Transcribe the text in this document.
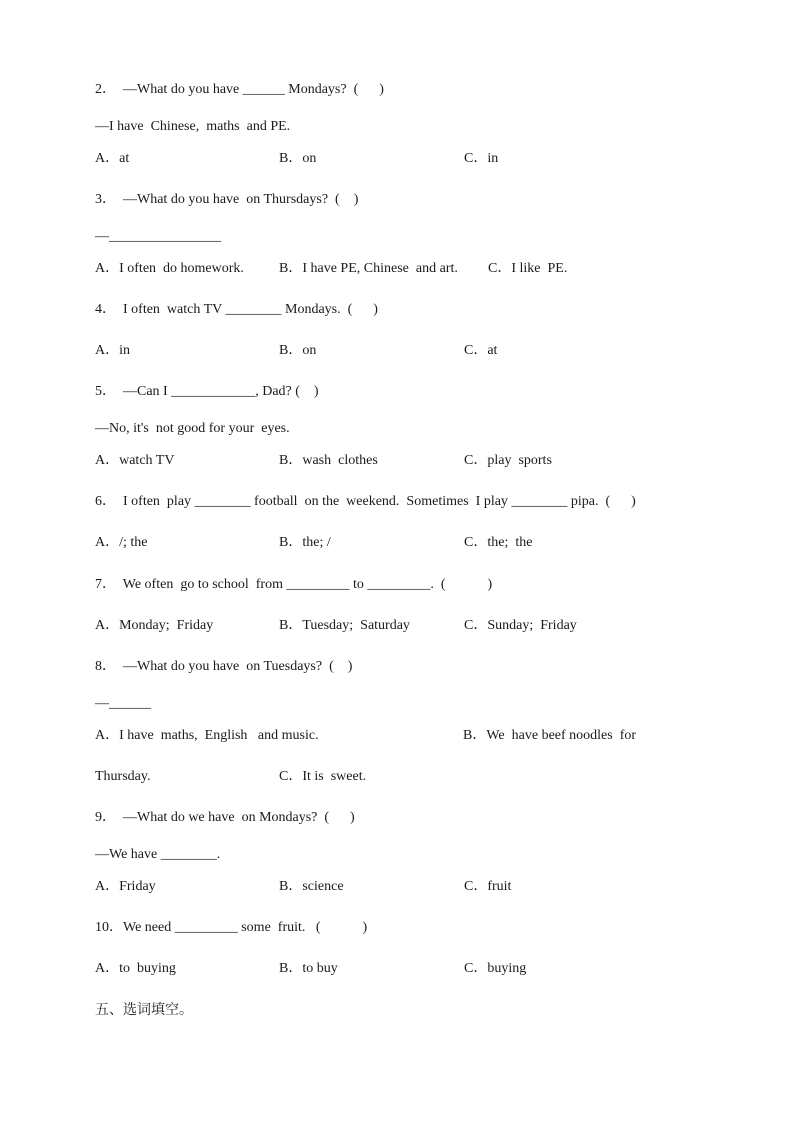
2．  —What do you have ______ Mondays?  (      )
—I have  Chinese,  maths  and PE.
A．at	B．on	C．in
3．  —What do you have  on Thursdays?  (    )
—________________
A．I often  do homework.	B．I have PE, Chinese  and art. C．I like  PE.
4．  I often  watch TV ________ Mondays.  (      )
A．in	B．on	C．at
5．  —Can I ____________, Dad? (    )
—No, it's  not good for your  eyes.
A．watch TV	B．wash  clothes	C．play  sports
6．  I often  play ________ football  on the  weekend.  Sometimes  I play ________ pipa.  (      )
A．/; the	B．the; /	C．the;  the
7．  We often  go to school  from _________ to _________.  (            )
A．Monday;  Friday	B．Tuesday;  Saturday	C．Sunday;  Friday
8．  —What do you have  on Tuesdays?  (    )
—______
A．I have  maths,  English   and music.	B．We  have beef noodles  for
Thursday.	C．It is  sweet.
9．  —What do we have  on Mondays?  (      )
—We have ________.
A．Friday	B．science	C．fruit
10．We need _________ some  fruit.   (            )
A．to  buying	B．to buy	C．buying
五、选词填空。
